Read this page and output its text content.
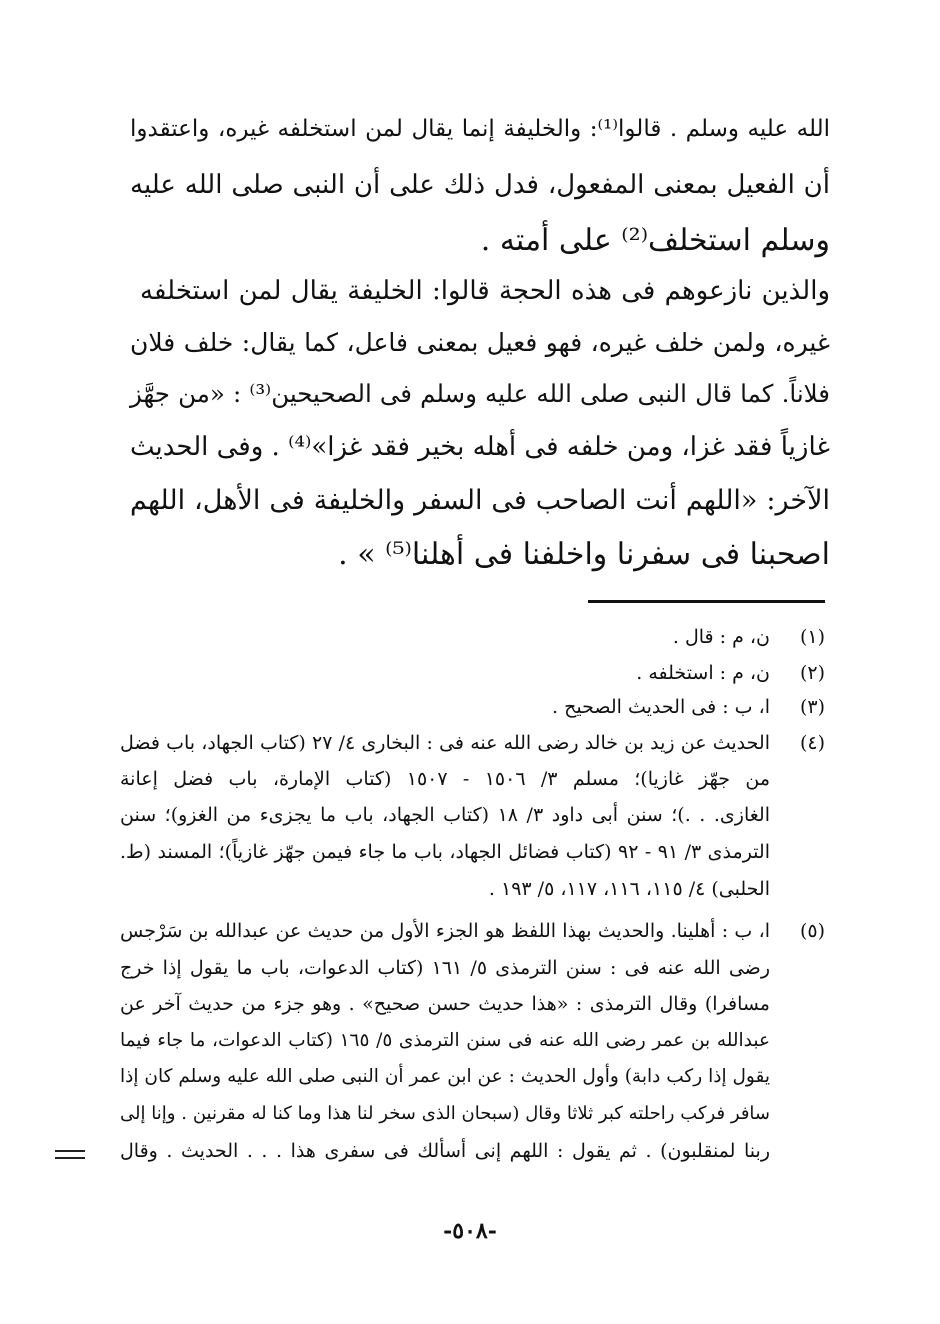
الله عليه وسلم . قالوا⁽¹⁾: والخليفة إنما يقال لمن استخلفه غيره، واعتقدوا
أن الفعيل بمعنى المفعول، فدل ذلك على أن النبى صلى الله عليه
وسلم استخلف⁽²⁾ على أمته .
والذين نازعوهم فى هذه الحجة قالوا: الخليفة يقال لمن استخلفه
غيره، ولمن خلف غيره، فهو فعيل بمعنى فاعل، كما يقال: خلف فلان
فلاناً. كما قال النبى صلى الله عليه وسلم فى الصحيحين⁽³⁾ : «من جهَّز
غازياً فقد غزا، ومن خلفه فى أهله بخير فقد غزا»⁽⁴⁾ . وفى الحديث
الآخر: «اللهم أنت الصاحب فى السفر والخليفة فى الأهل، اللهم
اصحبنا فى سفرنا واخلفنا فى أهلنا⁽⁵⁾ » .
(١)
ن، م : قال .
(٢)
ن، م : استخلفه .
(٣)
ا، ب : فى الحديث الصحيح .
(٤)
الحديث عن زيد بن خالد رضى الله عنه فى : البخارى ٤/ ٢٧ (كتاب الجهاد، باب فضل
من جهّز غازيا)؛ مسلم ٣/ ١٥٠٦ - ١٥٠٧ (كتاب الإمارة، باب فضل إعانة
الغازى. . .)؛ سنن أبى داود ٣/ ١٨ (كتاب الجهاد، باب ما يجزىء من الغزو)؛ سنن
الترمذى ٣/ ٩١ - ٩٢ (كتاب فضائل الجهاد، باب ما جاء فيمن جهّز غازياً)؛ المسند (ط.
الحلبى) ٤/ ١١٥، ١١٦، ١١٧، ٥/ ١٩٣ .
(٥)
ا، ب : أهلينا. والحديث بهذا اللفظ هو الجزء الأول من حديث عن عبدالله بن سَرْجس
رضى الله عنه فى : سنن الترمذى ٥/ ١٦١ (كتاب الدعوات، باب ما يقول إذا خرج
مسافرا) وقال الترمذى : «هذا حديث حسن صحيح» . وهو جزء من حديث آخر عن
عبدالله بن عمر رضى الله عنه فى سنن الترمذى ٥/ ١٦٥ (كتاب الدعوات، ما جاء فيما
يقول إذا ركب دابة) وأول الحديث : عن ابن عمر أن النبى صلى الله عليه وسلم كان إذا
سافر فركب راحلته كبر ثلاثا وقال (سبحان الذى سخر لنا هذا وما كنا له مقرنين . وإنا إلى
ربنا لمنقلبون) . ثم يقول : اللهم إنى أسألك فى سفرى هذا . . . الحديث . وقال
-٥٠٨-
